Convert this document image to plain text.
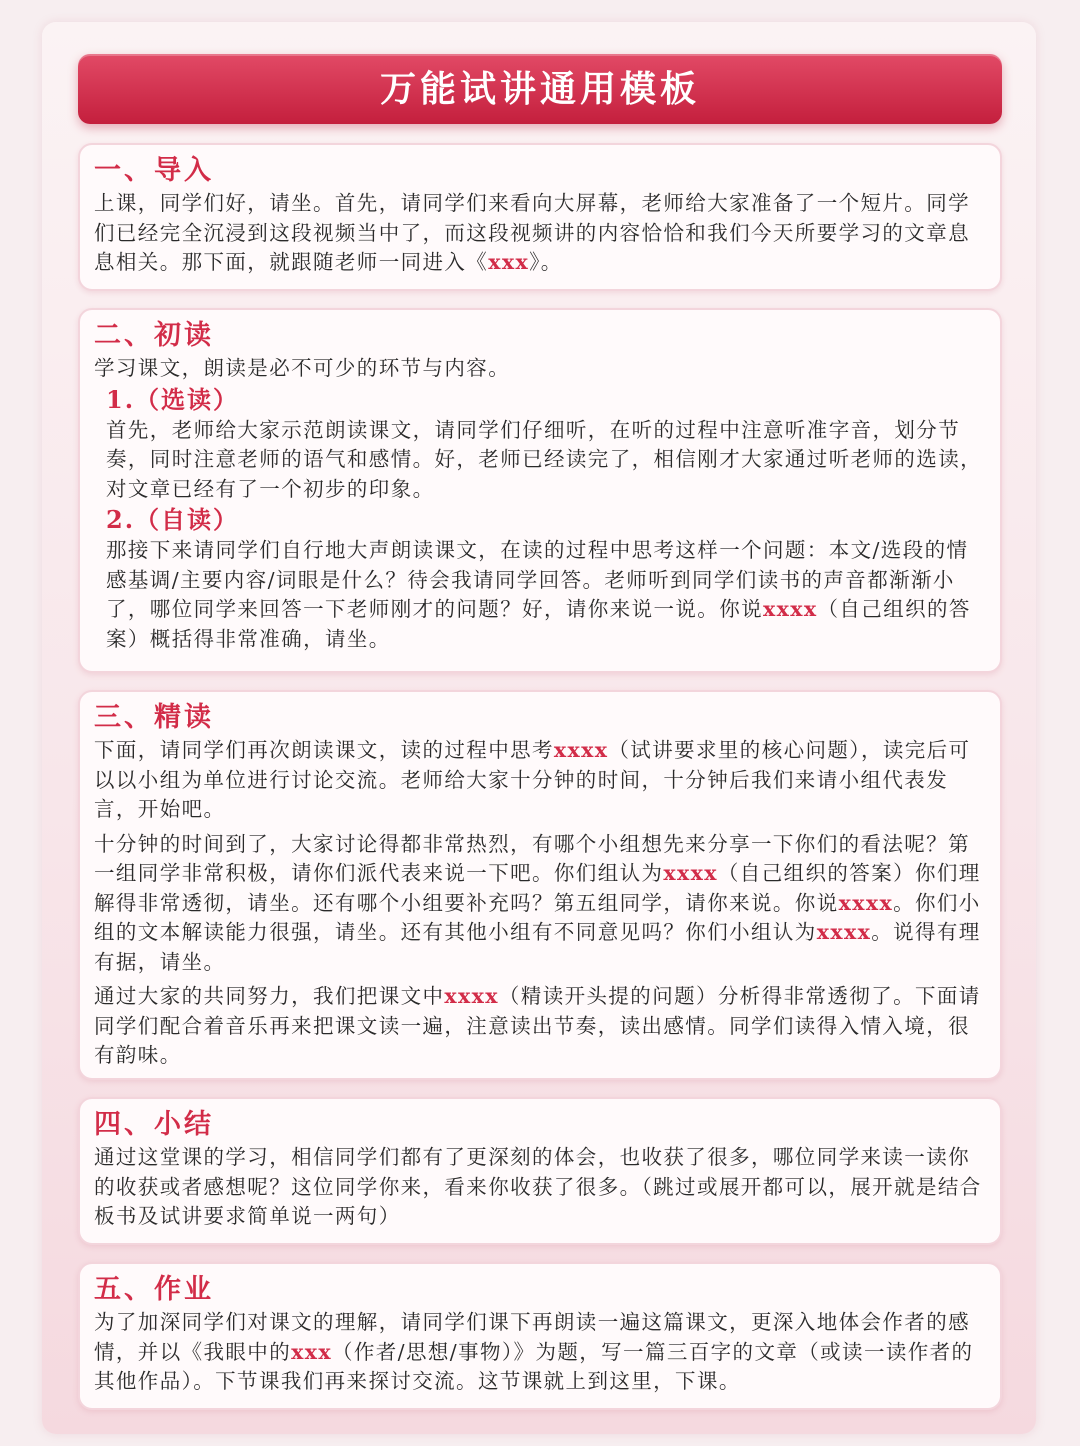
万能试讲通用模板
一、导入

上课，同学们好，请坐。首先，请同学们来看向大屏幕，老师给大家准备了一个短片。同学们已经完全沉浸到这段视频当中了，而这段视频讲的内容恰恰和我们今天所要学习的文章息息相关。那下面，就跟随老师一同进入《xxx》。

二、初读

学习课文，朗读是必不可少的环节与内容。

1.（选读）

首先，老师给大家示范朗读课文，请同学们仔细听，在听的过程中注意听准字音，划分节奏，同时注意老师的语气和感情。好，老师已经读完了，相信刚才大家通过听老师的选读，对文章已经有了一个初步的印象。

2.（自读）

那接下来请同学们自行地大声朗读课文，在读的过程中思考这样一个问题：本文/选段的情感基调/主要内容/词眼是什么？待会我请同学回答。老师听到同学们读书的声音都渐渐小了，哪位同学来回答一下老师刚才的问题？好，请你来说一说。你说xxxx（自己组织的答案）概括得非常准确，请坐。

三、精读

下面，请同学们再次朗读课文，读的过程中思考xxxx（试讲要求里的核心问题），读完后可以以小组为单位进行讨论交流。老师给大家十分钟的时间，十分钟后我们来请小组代表发言，开始吧。

十分钟的时间到了，大家讨论得都非常热烈，有哪个小组想先来分享一下你们的看法呢？第一组同学非常积极，请你们派代表来说一下吧。你们组认为xxxx（自己组织的答案）你们理解得非常透彻，请坐。还有哪个小组要补充吗？第五组同学，请你来说。你说xxxx。你们小组的文本解读能力很强，请坐。还有其他小组有不同意见吗？你们小组认为xxxx。说得有理有据，请坐。

通过大家的共同努力，我们把课文中xxxx（精读开头提的问题）分析得非常透彻了。下面请同学们配合着音乐再来把课文读一遍，注意读出节奏，读出感情。同学们读得入情入境，很有韵味。

四、小结

通过这堂课的学习，相信同学们都有了更深刻的体会，也收获了很多，哪位同学来读一读你的收获或者感想呢？这位同学你来，看来你收获了很多。（跳过或展开都可以，展开就是结合板书及试讲要求简单说一两句）

五、作业

为了加深同学们对课文的理解，请同学们课下再朗读一遍这篇课文，更深入地体会作者的感情，并以《我眼中的xxx（作者/思想/事物）》为题，写一篇三百字的文章（或读一读作者的其他作品）。下节课我们再来探讨交流。这节课就上到这里，下课。
